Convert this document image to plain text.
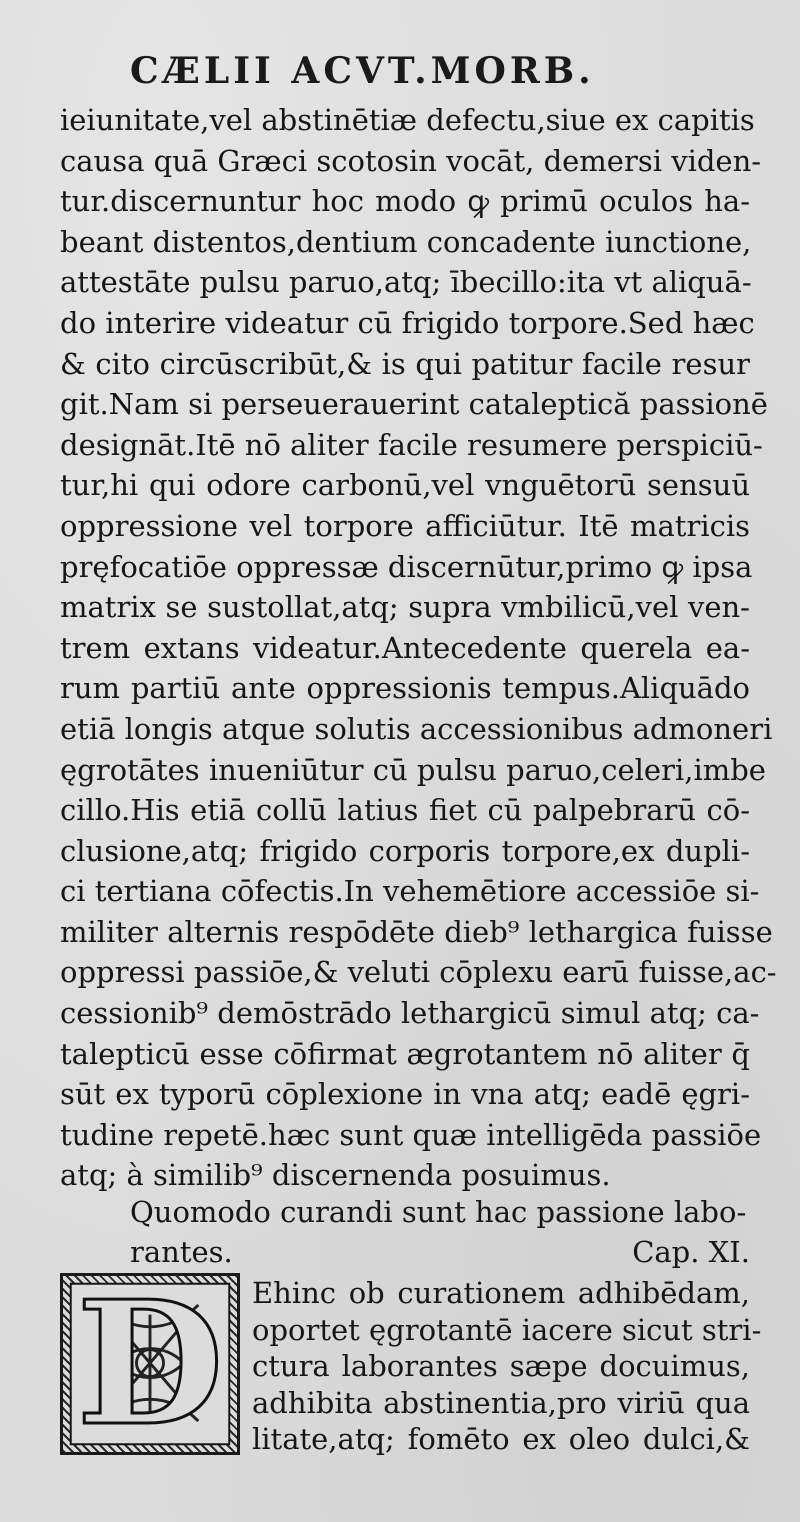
CÆLII ACVT.MORB.
ieiunitate,vel abstinētiæ defectu,siue ex capitis
causa quā Græci scotosin vocāt, demersi viden-
tur.discernuntur hoc modo ꝙ primū oculos ha-
beant distentos,dentium concadente iunctione,
attestāte pulsu paruo,atq; ībecillo:ita vt aliquā-
do interire videatur cū frigido torpore.Sed hæc
& cito circūscribūt,& is qui patitur facile resur
git.Nam si perseuerauerint cataleptică passionē
designāt.Itē nō aliter facile resumere perspiciū-
tur,hi qui odore carbonū,vel vnguētorū sensuū
oppressione vel torpore afficiūtur. Itē matricis
pręfocatiōe oppressæ discernūtur,primo ꝙ ipsa
matrix se sustollat,atq; supra vmbilicū,vel ven-
trem extans videatur.Antecedente querela ea-
rum partiū ante oppressionis tempus.Aliquādo
etiā longis atque solutis accessionibus admoneri
ęgrotātes inueniūtur cū pulsu paruo,celeri,imbe
cillo.His etiā collū latius fiet cū palpebrarū cō-
clusione,atq; frigido corporis torpore,ex dupli-
ci tertiana cōfectis.In vehemētiore accessiōe si-
militer alternis respōdēte dieb⁹ lethargica fuisse
oppressi passiōe,& veluti cōplexu earū fuisse,ac-
cessionib⁹ demōstrādo lethargicū simul atq; ca-
talepticū esse cōfirmat ægrotantem nō aliter q̄
sūt ex typorū cōplexione in vna atq; eadē ęgri-
tudine repetē.hæc sunt quæ intelligēda passiōe
atq; à similib⁹ discernenda posuimus.
Quomodo curandi sunt hac passione labo-
rantes.	Cap. XI.
D Ehinc ob curationem adhibēdam,
oportet ęgrotantē iacere sicut stri-
ctura laborantes sæpe docuimus,
adhibita abstinentia,pro viriū qua
litate,atq; fomēto ex oleo dulci,&
